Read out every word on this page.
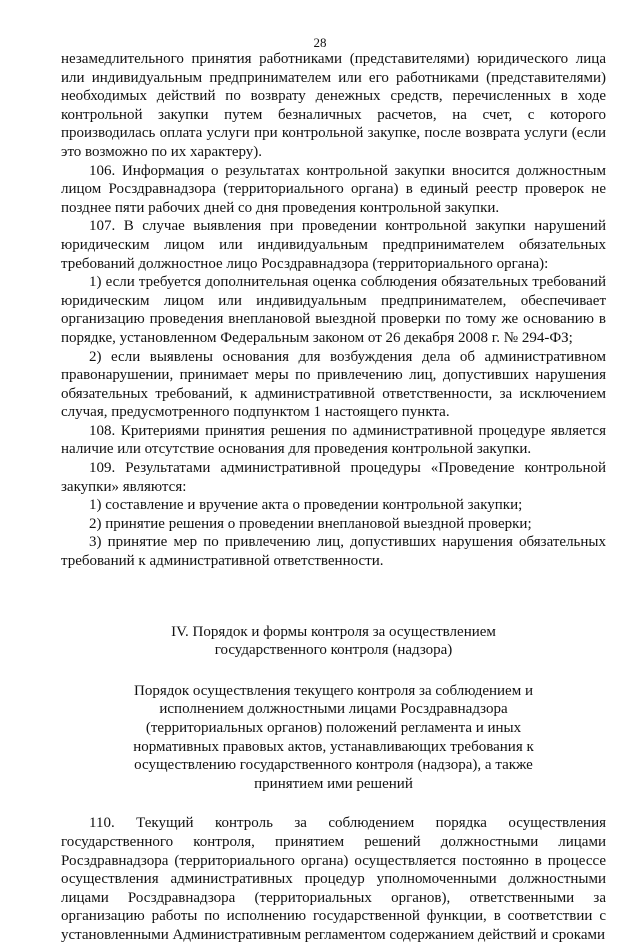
28

незамедлительного принятия работниками (представителями) юридического лица или индивидуальным предпринимателем или его работниками (представителями) необходимых действий по возврату денежных средств, перечисленных в ходе контрольной закупки путем безналичных расчетов, на счет, с которого производилась оплата услуги при контрольной закупке, после возврата услуги (если это возможно по их характеру).

106. Информация о результатах контрольной закупки вносится должностным лицом Росздравнадзора (территориального органа) в единый реестр проверок не позднее пяти рабочих дней со дня проведения контрольной закупки.

107. В случае выявления при проведении контрольной закупки нарушений юридическим лицом или индивидуальным предпринимателем обязательных требований должностное лицо Росздравнадзора (территориального органа):

1) если требуется дополнительная оценка соблюдения обязательных требований юридическим лицом или индивидуальным предпринимателем, обеспечивает организацию проведения внеплановой выездной проверки по тому же основанию в порядке, установленном Федеральным законом от 26 декабря 2008 г. № 294-ФЗ;

2) если выявлены основания для возбуждения дела об административном правонарушении, принимает меры по привлечению лиц, допустивших нарушения обязательных требований, к административной ответственности, за исключением случая, предусмотренного подпунктом 1 настоящего пункта.

108. Критериями принятия решения по административной процедуре является наличие или отсутствие основания для проведения контрольной закупки.

109. Результатами административной процедуры «Проведение контрольной закупки» являются:

1) составление и вручение акта о проведении контрольной закупки;

2) принятие решения о проведении внеплановой выездной проверки;

3) принятие мер по привлечению лиц, допустивших нарушения обязательных требований к административной ответственности.

IV. Порядок и формы контроля за осуществлением
государственного контроля (надзора)

Порядок осуществления текущего контроля за соблюдением и
исполнением должностными лицами Росздравнадзора
(территориальных органов) положений регламента и иных
нормативных правовых актов, устанавливающих требования к
осуществлению государственного контроля (надзора), а также
принятием ими решений

110. Текущий контроль за соблюдением порядка осуществления государственного контроля, принятием решений должностными лицами Росздравнадзора (территориального органа) осуществляется постоянно в процессе осуществления административных процедур уполномоченными должностными лицами Росздравнадзора (территориальных органов), ответственными за организацию работы по исполнению государственной функции, в соответствии с установленными Административным регламентом содержанием действий и сроками
